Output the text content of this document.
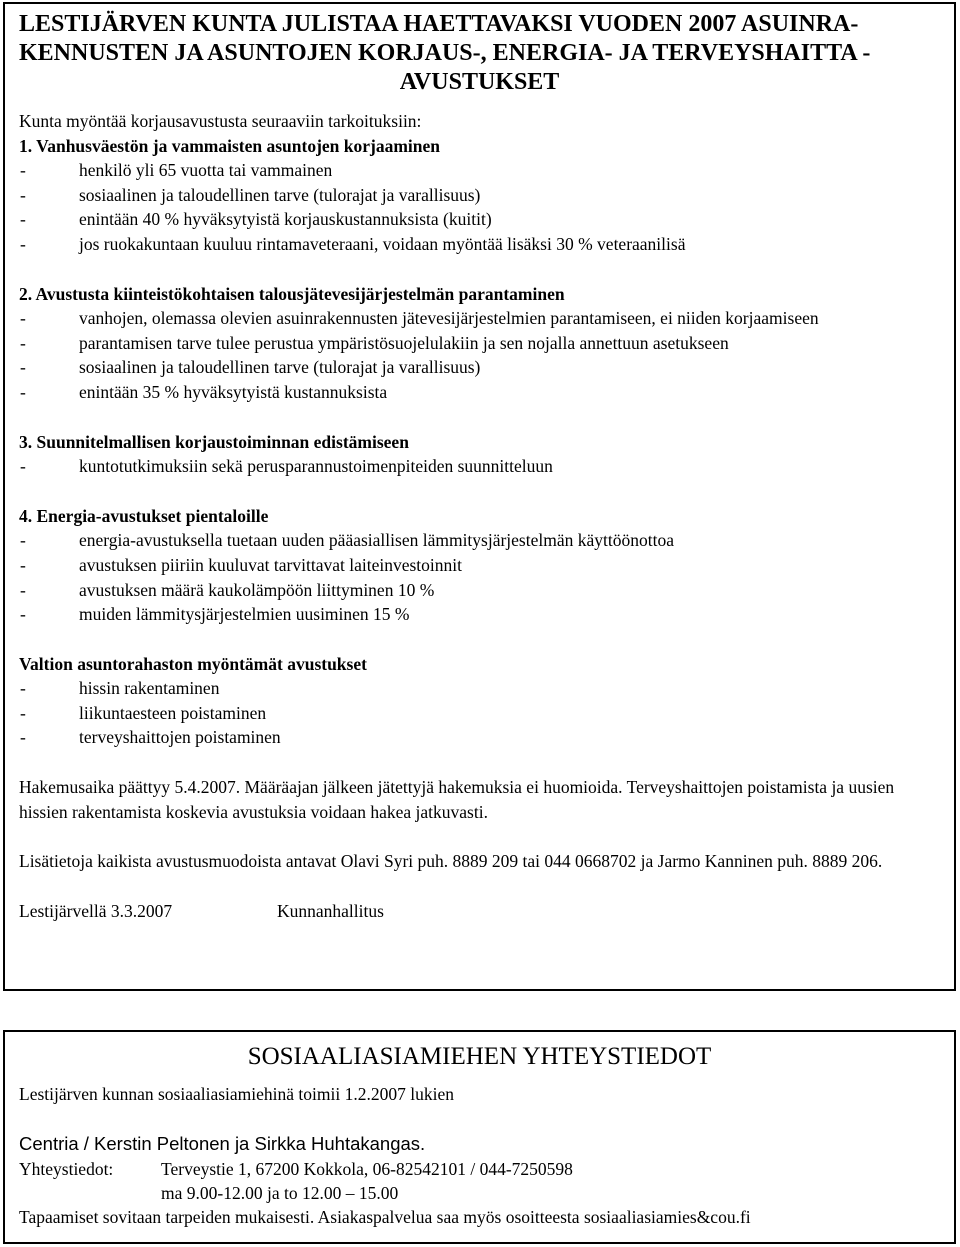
LESTIJÄRVEN KUNTA JULISTAA HAETTAVAKSI VUODEN 2007 ASUINRA-
KENNUSTEN JA ASUNTOJEN KORJAUS-, ENERGIA- JA TERVEYSHAITTA -
AVUSTUKSET

Kunta myöntää korjausavustusta seuraaviin tarkoituksiin:

1. Vanhusväestön ja vammaisten asuntojen korjaaminen

- henkilö yli 65 vuotta tai vammainen
- sosiaalinen ja taloudellinen tarve (tulorajat ja varallisuus)
- enintään 40 % hyväksytyistä korjauskustannuksista (kuitit)
- jos ruokakuntaan kuuluu rintamaveteraani, voidaan myöntää lisäksi 30 % veteraanilisä

2. Avustusta kiinteistökohtaisen talousjätevesijärjestelmän parantaminen

- vanhojen, olemassa olevien asuinrakennusten jätevesijärjestelmien parantamiseen, ei niiden korjaamiseen
- parantamisen tarve tulee perustua ympäristösuojelulakiin ja sen nojalla annettuun asetukseen
- sosiaalinen ja taloudellinen tarve (tulorajat ja varallisuus)
- enintään 35 % hyväksytyistä kustannuksista

3. Suunnitelmallisen korjaustoiminnan edistämiseen

- kuntotutkimuksiin sekä perusparannustoimenpiteiden suunnitteluun

4. Energia-avustukset pientaloille

- energia-avustuksella tuetaan uuden pääasiallisen lämmitysjärjestelmän käyttöönottoa
- avustuksen piiriin kuuluvat tarvittavat laiteinvestoinnit
- avustuksen määrä kaukolämpöön liittyminen 10 %
- muiden lämmitysjärjestelmien uusiminen 15 %

Valtion asuntorahaston myöntämät avustukset

- hissin rakentaminen
- liikuntaesteen poistaminen
- terveyshaittojen poistaminen

Hakemusaika päättyy 5.4.2007. Määräajan jälkeen jätettyjä hakemuksia ei huomioida. Terveyshaittojen poistamista ja uusien hissien rakentamista koskevia avustuksia voidaan hakea jatkuvasti.

Lisätietoja kaikista avustusmuodoista antavat Olavi Syri puh. 8889 209 tai 044 0668702 ja Jarmo Kanninen puh. 8889 206.

Lestijärvellä 3.3.2007	Kunnanhallitus

SOSIAALIASIAMIEHEN YHTEYSTIEDOT

Lestijärven kunnan sosiaaliasiamiehinä toimii 1.2.2007 lukien

Centria / Kerstin Peltonen ja Sirkka Huhtakangas.

Yhteystiedot:	Terveystie 1, 67200 Kokkola, 06-82542101 / 044-7250598
ma 9.00-12.00 ja to 12.00 – 15.00

Tapaamiset sovitaan tarpeiden mukaisesti. Asiakaspalvelua saa myös osoitteesta sosiaaliasiamies&cou.fi
